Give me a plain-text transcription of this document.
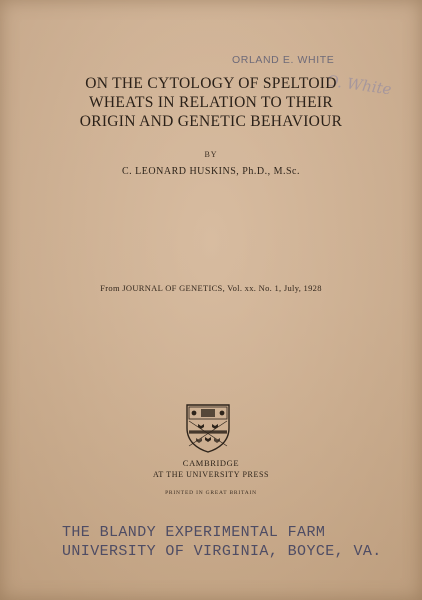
ORLAND E. WHITE
O. White
ON THE CYTOLOGY OF SPELTOID
WHEATS IN RELATION TO THEIR
ORIGIN AND GENETIC BEHAVIOUR
BY
C. LEONARD HUSKINS, Ph.D., M.Sc.
From JOURNAL OF GENETICS, Vol. xx. No. 1, July, 1928
CAMBRIDGE
AT THE UNIVERSITY PRESS
PRINTED IN GREAT BRITAIN
THE BLANDY EXPERIMENTAL FARM
UNIVERSITY OF VIRGINIA, BOYCE, VA.
